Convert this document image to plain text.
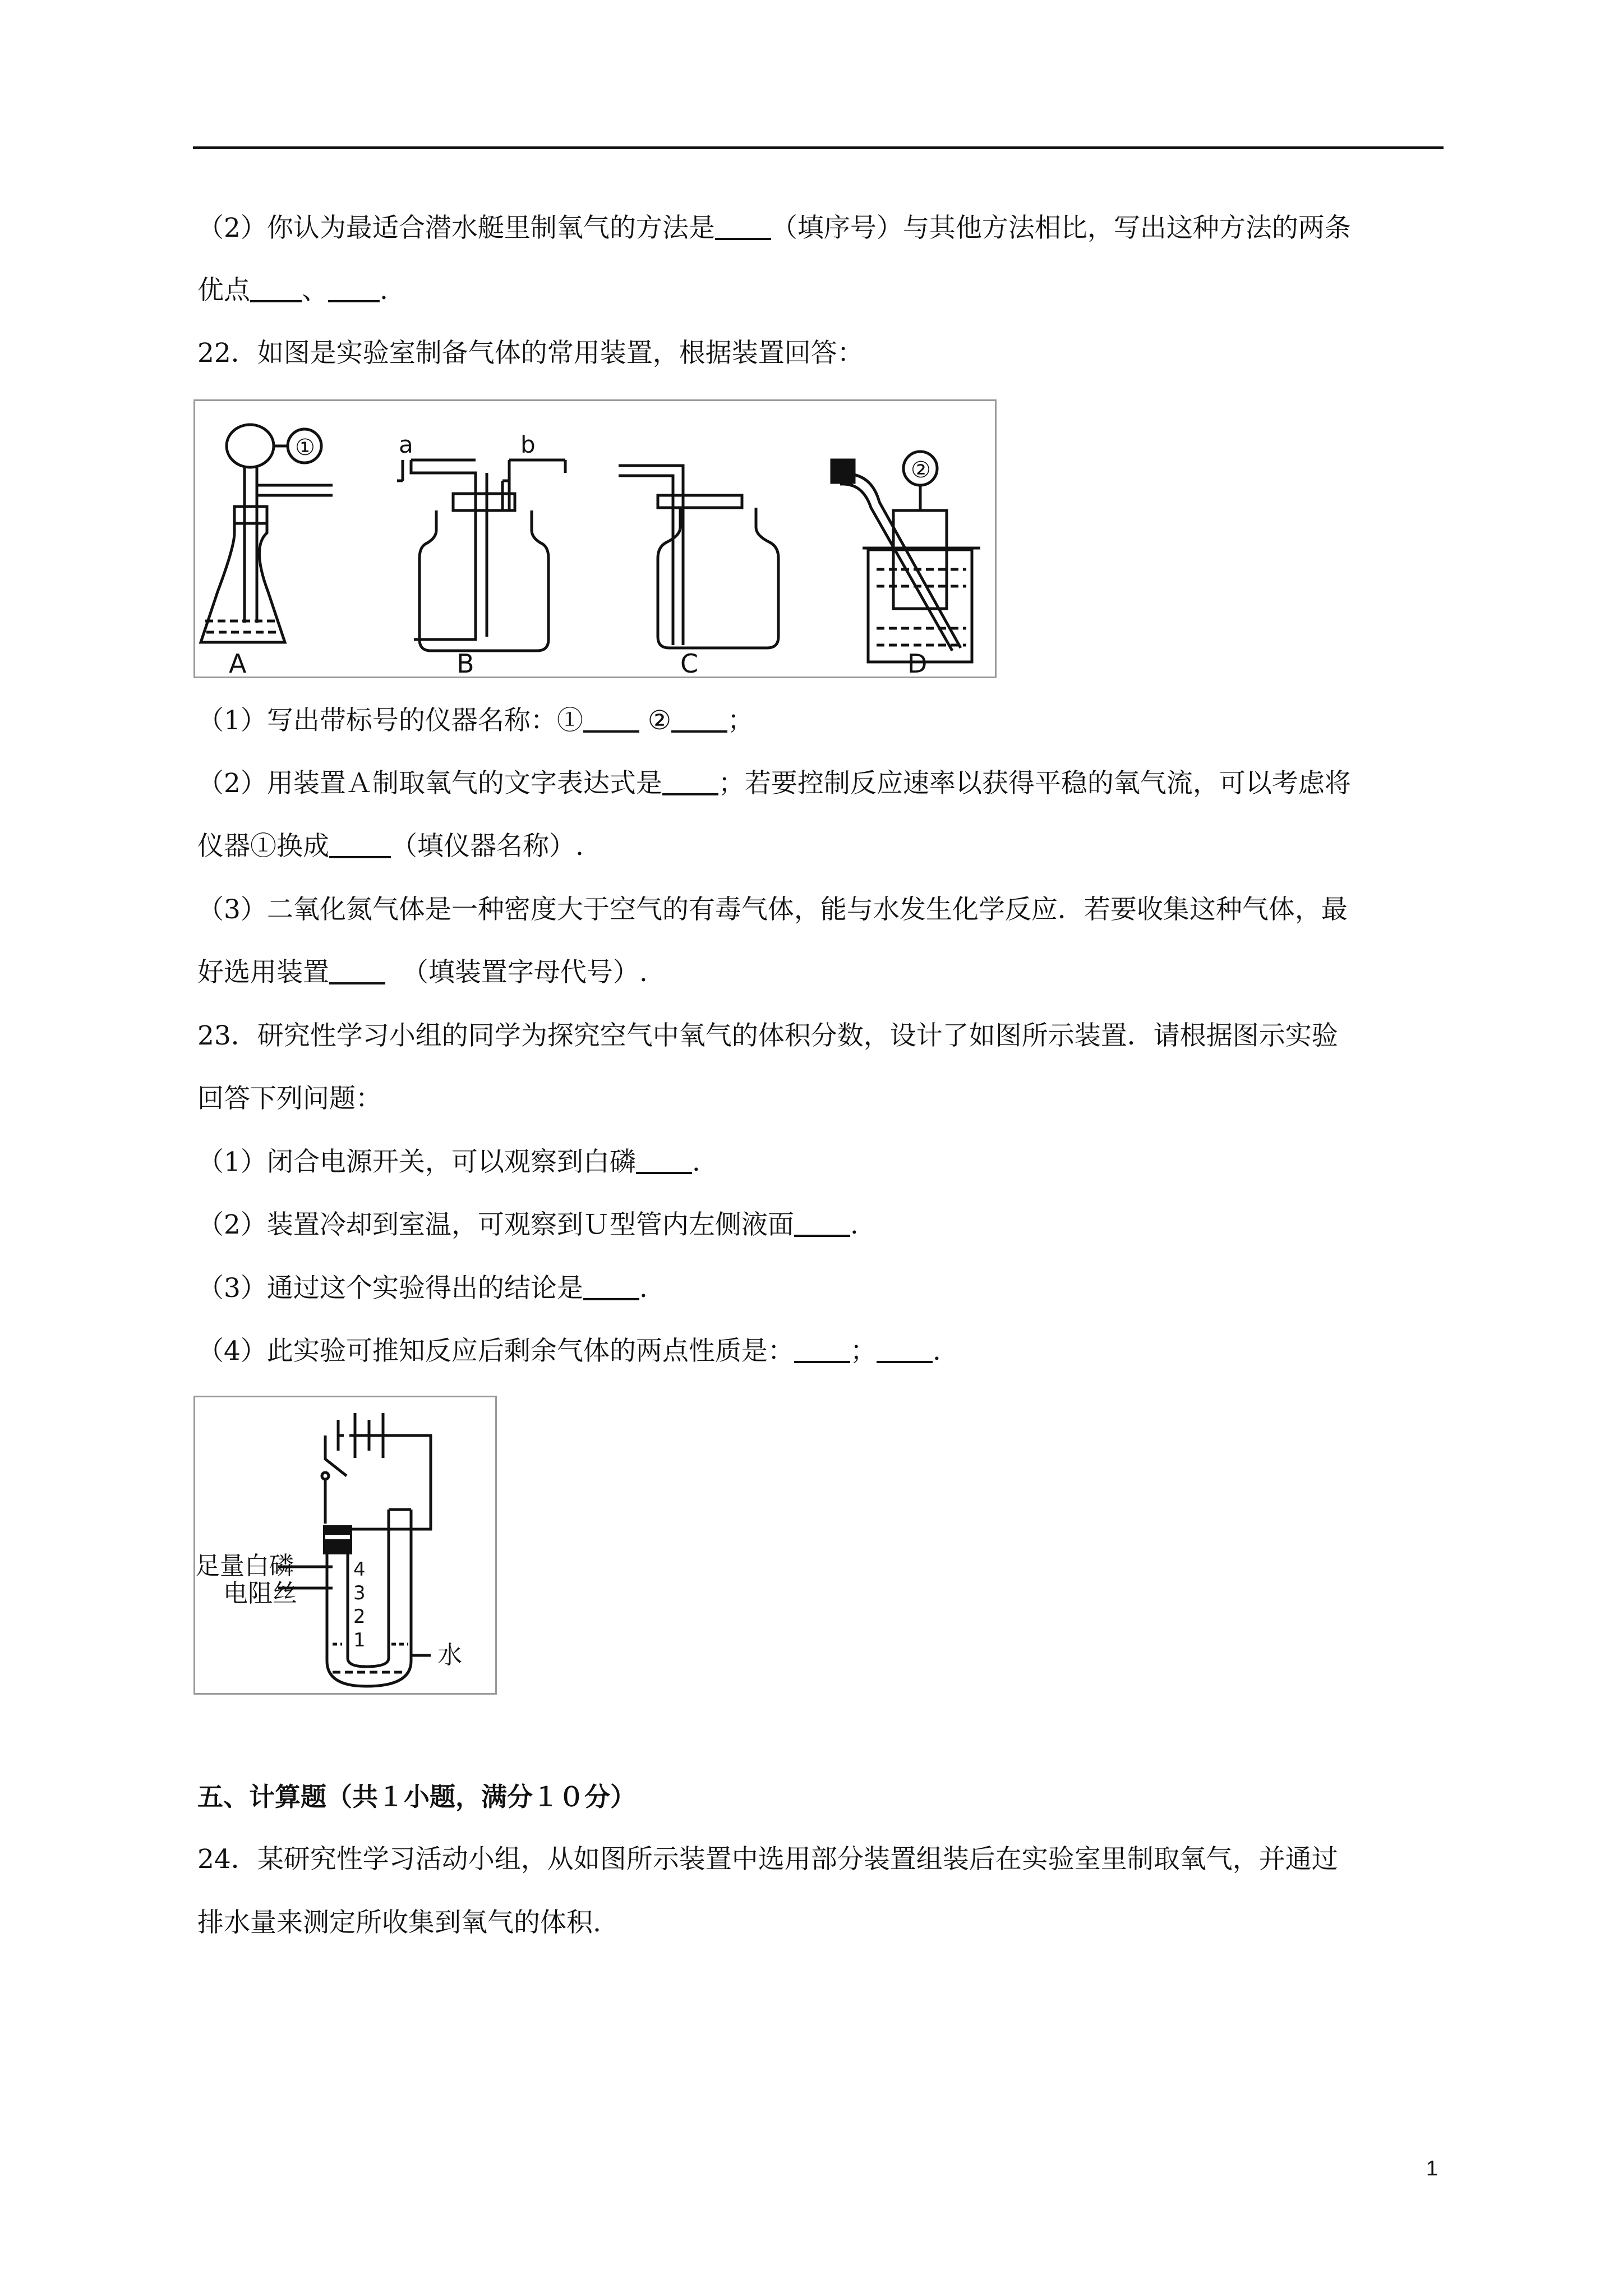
（2）你认为最适合潜水艇里制氧气的方法是 （填序号）与其他方法相比，写出这种方法的两条
优点 、 .
22．如图是实验室制备气体的常用装置，根据装置回答：
A	B	C	D
①
②
a	b
（1）写出带标号的仪器名称：① ② ；
（2）用装置Ａ制取氧气的文字表达式是 ；若要控制反应速率以获得平稳的氧气流，可以考虑将
仪器①换成 （填仪器名称）.
（3）二氧化氮气体是一种密度大于空气的有毒气体，能与水发生化学反应．若要收集这种气体，最
好选用装置	（填装置字母代号）.
23．研究性学习小组的同学为探究空气中氧气的体积分数，设计了如图所示装置．请根据图示实验
回答下列问题：
（1）闭合电源开关，可以观察到白磷 .
（2）装置冷却到室温，可观察到Ｕ型管内左侧液面 .
（3）通过这个实验得出的结论是 .
（4）此实验可推知反应后剩余气体的两点性质是： ； .
4
3
2
1
足量白磷
电阻丝
水
五、计算题（共１小题，满分１０分）
24．某研究性学习活动小组，从如图所示装置中选用部分装置组装后在实验室里制取氧气，并通过
排水量来测定所收集到氧气的体积.
1
